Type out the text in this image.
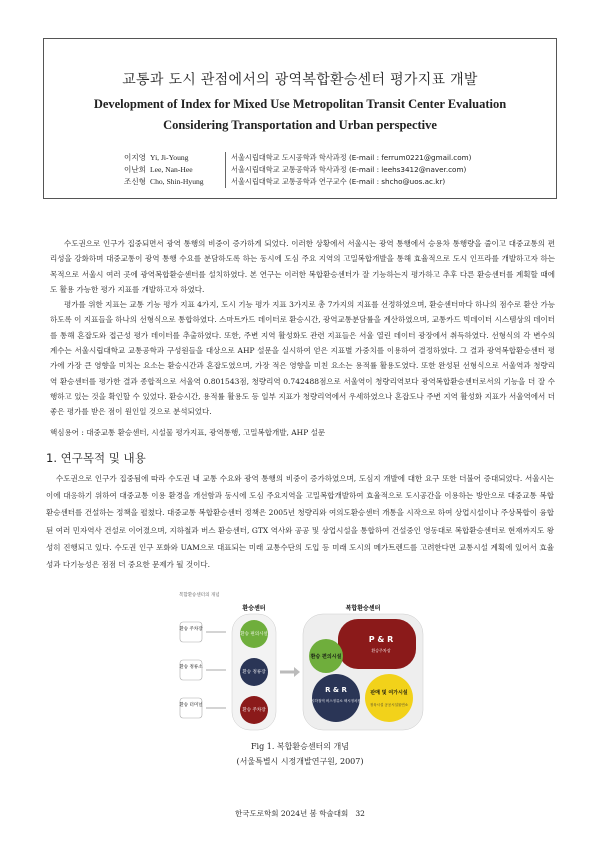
교통과 도시 관점에서의 광역복합환승센터 평가지표 개발
Development of Index for Mixed Use Metropolitan Transit Center Evaluation
Considering Transportation and Urban perspective
이지영 Yi, Ji-Young	서울시립대학교 도시공학과 학사과정 (E-mail : ferrum0221@gmail.com)
이난희 Lee, Nan-Hee	서울시립대학교 교통공학과 학사과정 (E-mail : leehs3412@naver.com)
조신형 Cho, Shin-Hyung	서울시립대학교 교통공학과 연구교수 (E-mail : shcho@uos.ac.kr)

수도권으로 인구가 집중되면서 광역 통행의 비중이 증가하게 되었다. 이러한 상황에서 서울시는 광역 통행에서 승용차 통행량을 줄이고 대중교통의 편리성을 강화하며 대중교통이 광역 통행 수요를 분담하도록 하는 동시에 도심 주요 지역의 고밀복합개발을 통해 효율적으로 도시 인프라를 개발하고자 하는 목적으로 서울시 여러 곳에 광역복합환승센터를 설치하였다. 본 연구는 이러한 복합환승센터가 잘 기능하는지 평가하고 추후 다른 환승센터를 계획할 때에도 활용 가능한 평가 지표를 개발하고자 하였다.

평가를 위한 지표는 교통 기능 평가 지표 4가지, 도시 기능 평가 지표 3가지로 총 7가지의 지표를 선정하였으며, 환승센터마다 하나의 점수로 환산 가능하도록 이 지표들을 하나의 선형식으로 통합하였다. 스마트카드 데이터로 환승시간, 광역교통분담률을 계산하였으며, 교통카드 빅데이터 시스템상의 데이터를 통해 혼잡도와 접근성 평가 데이터를 추출하였다. 또한, 주변 지역 활성화도 관련 지표들은 서울 열린 데이터 광장에서 취득하였다. 선형식의 각 변수의 계수는 서울시립대학교 교통공학과 구성원들을 대상으로 AHP 설문을 실시하여 얻은 지표별 가중치를 이용하여 결정하였다. 그 결과 광역복합환승센터 평가에 가장 큰 영향을 미치는 요소는 환승시간과 혼잡도였으며, 가장 적은 영향을 미친 요소는 용적률 활용도였다. 또한 완성된 선형식으로 서울역과 청량리역 환승센터를 평가한 결과 종합적으로 서울역 0.801543점, 청량리역 0.742488점으로 서울역이 청량리역보다 광역복합환승센터로서의 기능을 더 잘 수행하고 있는 것을 확인할 수 있었다. 환승시간, 용적률 활용도 등 일부 지표가 청량리역에서 우세하였으나 혼잡도나 주변 지역 활성화 지표가 서울역에서 더 좋은 평가를 받은 점이 원인일 것으로 분석되었다.

핵심용어 : 대중교통 환승센터, 시설물 평가지표, 광역통행, 고밀복합개발, AHP 설문
1. 연구목적 및 내용

수도권으로 인구가 집중됨에 따라 수도권 내 교통 수요와 광역 통행의 비중이 증가하였으며, 도심지 개발에 대한 요구 또한 더불어 증대되었다. 서울시는 이에 대응하기 위하여 대중교통 이용 환경을 개선함과 동시에 도심 주요지역을 고밀복합개발하여 효율적으로 도시공간을 이용하는 방안으로 대중교통 복합환승센터를 건설하는 정책을 펼쳤다. 대중교통 복합환승센터 정책은 2005년 청량리와 여의도환승센터 개통을 시작으로 하여 상업시설이나 주상복합이 융합된 여러 민자역사 건설로 이어졌으며, 지하철과 버스 환승센터, GTX 역사와 공공 및 상업시설을 통합하여 건설중인 영동대로 복합환승센터로 현재까지도 왕성히 진행되고 있다. 수도권 인구 포화와 UAM으로 대표되는 미래 교통수단의 도입 등 미래 도시의 메가트렌드를 고려한다면 교통시설 계획에 있어서 효율성과 다기능성은 점점 더 중요한 문제가 될 것이다.

복합환승센터의 개념
환승 주차장
환승 정류소
환승 터미널
환승센터
환승 편의시설
환승 정류장
환승 주차장
복합환승센터
P & R
환승주차장
환승 편의시설
R & R
지하철역 버스정류소 택시정차장
판매 및 여가시설
정육시설 공공시설물연소
Fig 1. 복합환승센터의 개념
(서울특별시 시정개발연구원, 2007)
한국도로학회 2024년 봄 학술대회 32
